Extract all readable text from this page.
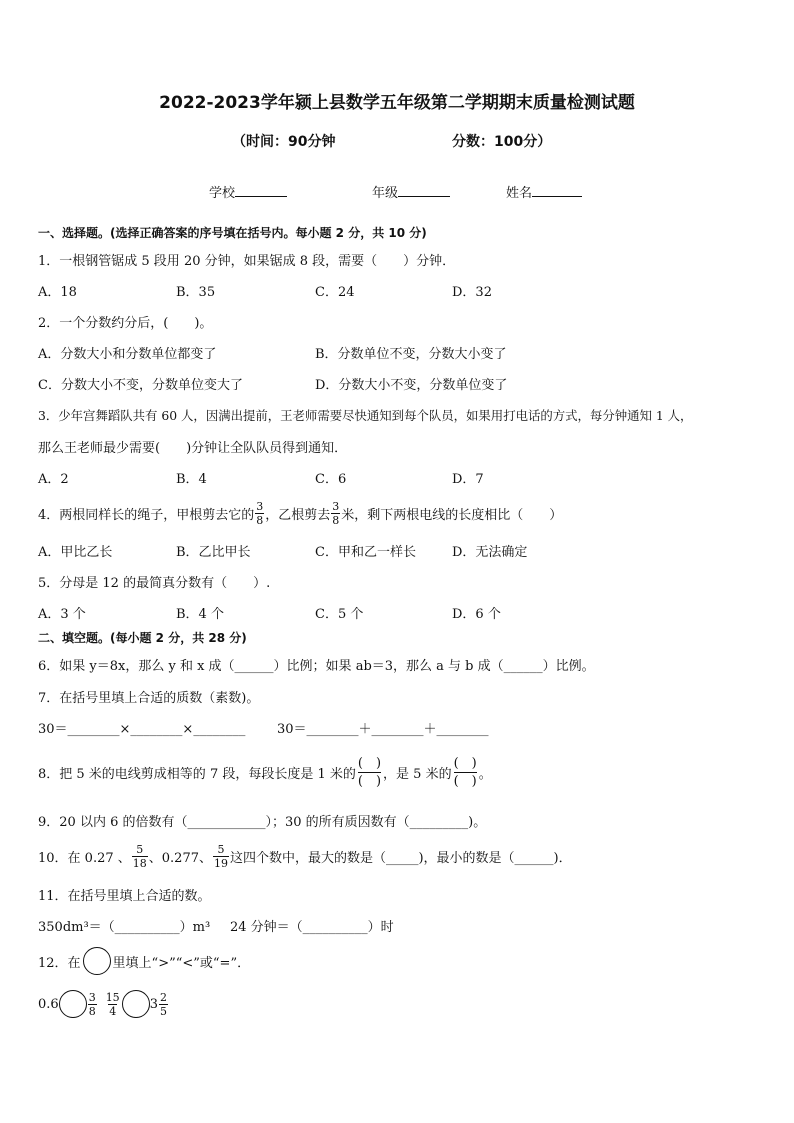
2022-2023学年颍上县数学五年级第二学期期末质量检测试题
（时间：90分钟	分数：100分）
学校	年级	姓名
一、选择题。(选择正确答案的序号填在括号内。每小题 2 分，共 10 分)
1．一根钢管锯成 5 段用 20 分钟，如果锯成 8 段，需要（　　）分钟．
A．18	B．35	C．24	D．32
2．一个分数约分后，(　　)。
A．分数大小和分数单位都变了	B．分数单位不变，分数大小变了
C．分数大小不变，分数单位变大了	D．分数大小不变，分数单位变了
3．少年宫舞蹈队共有 60 人，因满出提前，王老师需要尽快通知到每个队员，如果用打电话的方式，每分钟通知 1 人，
那么王老师最少需要(　　)分钟让全队队员得到通知．
A．2	B．4	C．6	D．7
4．两根同样长的绳子，甲根剪去它的 $\frac{3}{8}$ ，乙根剪去 $\frac{3}{8}$ 米，剩下两根电线的长度相比（　　）
A．甲比乙长	B．乙比甲长	C．甲和乙一样长	D．无法确定
5．分母是 12 的最简真分数有（　　）.
A．3 个	B．4 个	C．5 个	D．6 个
二、填空题。(每小题 2 分，共 28 分)
6．如果 y＝8x，那么 y 和 x 成（______）比例；如果 ab＝3，那么 a 与 b 成（______）比例。
7．在括号里填上合适的质数（素数)。
30＝________×________×________ 30＝________＋________＋________
8．把 5 米的电线剪成相等的 7 段，每段长度是 1 米的 $\frac{( )}{( )}$ ，是 5 米的 $\frac{( )}{( )}$ 。
9．20 以内 6 的倍数有（____________）；30 的所有质因数有（_________)。
10．在 0.27 、 $\frac{5}{18}$ 、0.277、 $\frac{5}{19}$ 这四个数中，最大的数是（_____)，最小的数是（______)．
11．在括号里填上合适的数。
350dm³＝（__________）m³ 24 分钟＝（__________）时
12．在 里填上“>”“<”或“=”．
0.6	$\frac{3}{8} \frac{15}{4} 3 \frac{2}{5}$
